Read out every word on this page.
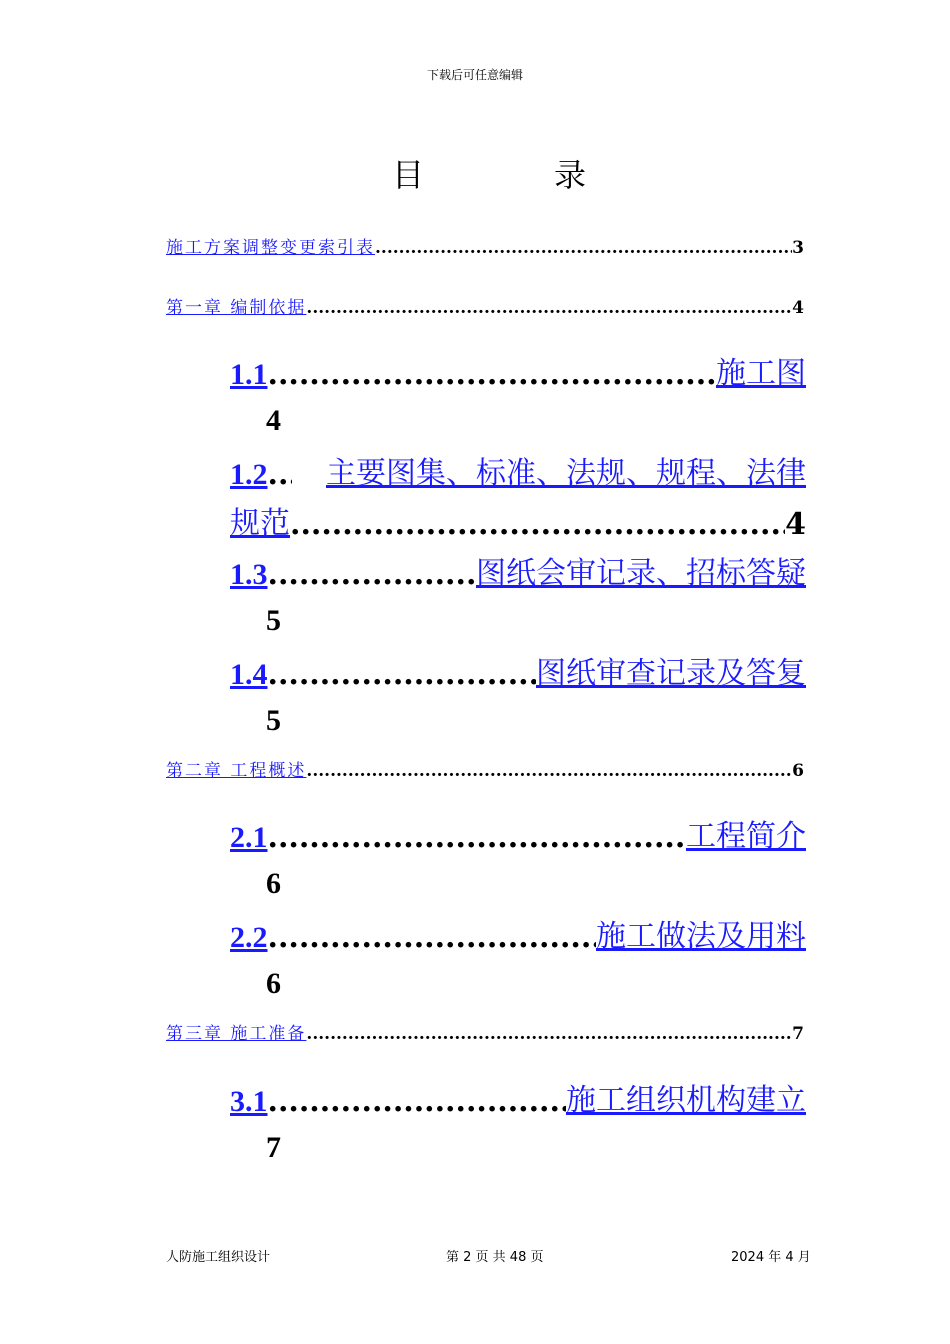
下载后可任意编辑
目	录
施工方案调整变更索引表 .....	3
第一章 编制依据 .....	4
1.1 .....	施工图
4
1.2 .....	主要图集、标准、法规、规程、法律
规范 .....	4
1.3 .....	图纸会审记录、招标答疑
5
1.4 .....	图纸审查记录及答复
5
第二章 工程概述 .....	6
2.1 .....	工程简介
6
2.2 .....	施工做法及用料
6
第三章 施工准备 .....	7
3.1 .....	施工组织机构建立
7
人防施工组织设计	第 2 页 共 48 页	2024 年 4 月
